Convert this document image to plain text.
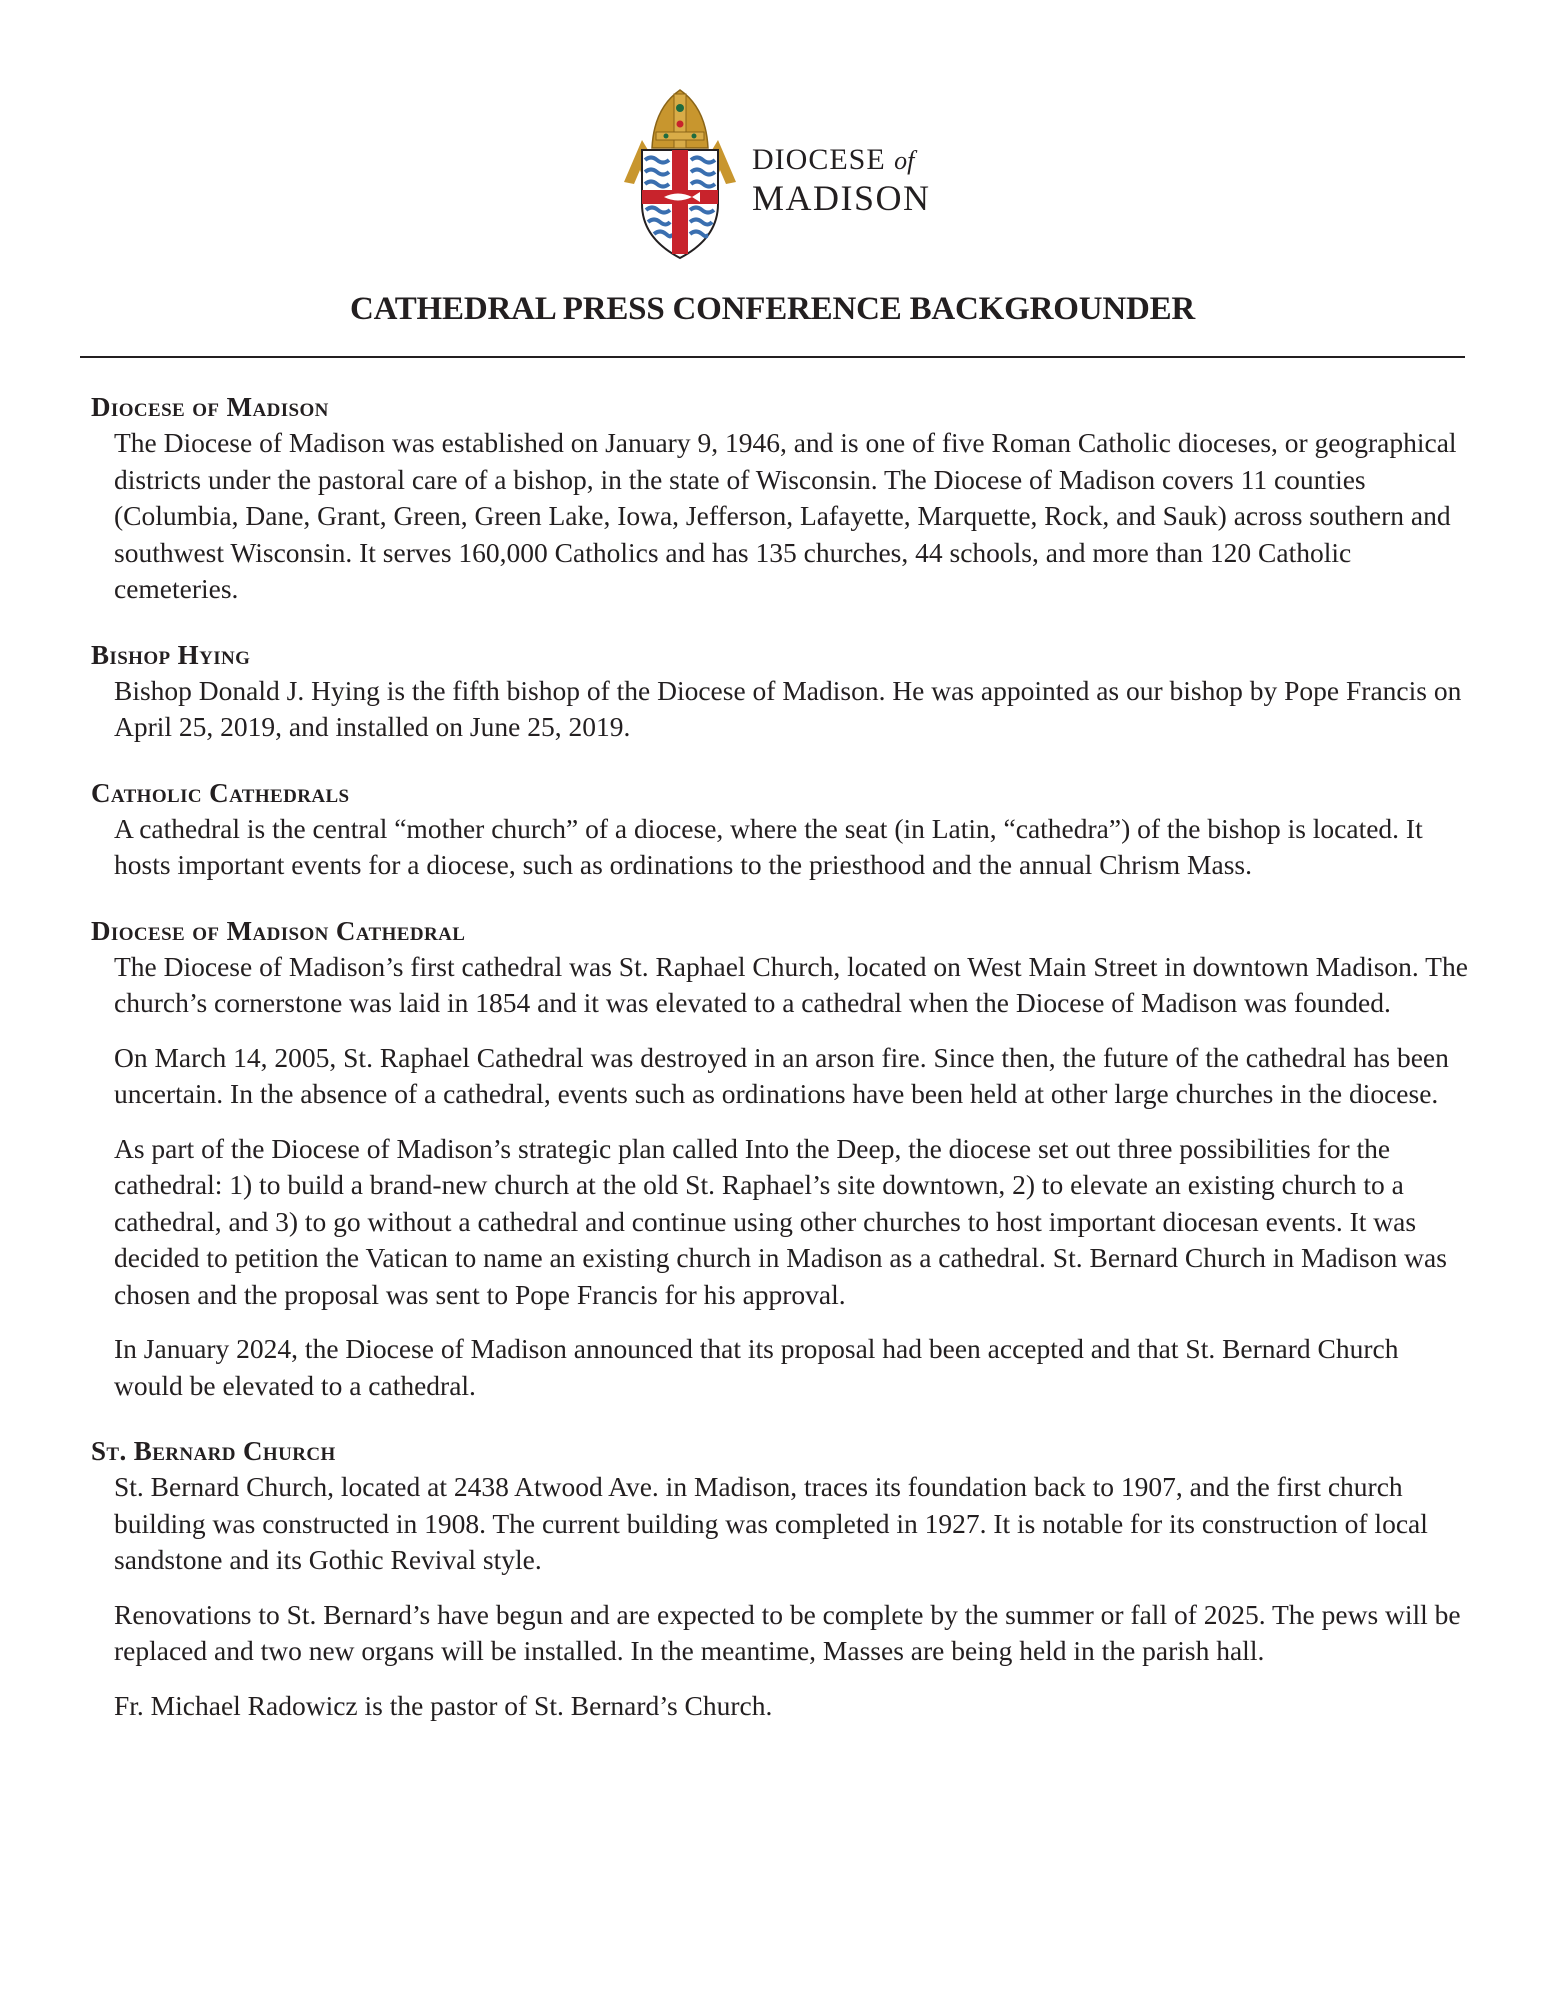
DIOCESE of
MADISON
CATHEDRAL PRESS CONFERENCE BACKGROUNDER
Diocese of Madison

The Diocese of Madison was established on January 9, 1946, and is one of five Roman Catholic dioceses, or geographical districts under the pastoral care of a bishop, in the state of Wisconsin. The Diocese of Madison covers 11 counties (Columbia, Dane, Grant, Green, Green Lake, Iowa, Jefferson, Lafayette, Marquette, Rock, and Sauk) across southern and southwest Wisconsin. It serves 160,000 Catholics and has 135 churches, 44 schools, and more than 120 Catholic cemeteries.

Bishop Hying

Bishop Donald J. Hying is the fifth bishop of the Diocese of Madison. He was appointed as our bishop by Pope Francis on April 25, 2019, and installed on June 25, 2019.

Catholic Cathedrals

A cathedral is the central “mother church” of a diocese, where the seat (in Latin, “cathedra”) of the bishop is located. It hosts important events for a diocese, such as ordinations to the priesthood and the annual Chrism Mass.

Diocese of Madison Cathedral

The Diocese of Madison’s first cathedral was St. Raphael Church, located on West Main Street in downtown Madison. The church’s cornerstone was laid in 1854 and it was elevated to a cathedral when the Diocese of Madison was founded.

On March 14, 2005, St. Raphael Cathedral was destroyed in an arson fire. Since then, the future of the cathedral has been uncertain. In the absence of a cathedral, events such as ordinations have been held at other large churches in the diocese.

As part of the Diocese of Madison’s strategic plan called Into the Deep, the diocese set out three possibilities for the cathedral: 1) to build a brand-new church at the old St. Raphael’s site downtown, 2) to elevate an existing church to a cathedral, and 3) to go without a cathedral and continue using other churches to host important diocesan events. It was decided to petition the Vatican to name an existing church in Madison as a cathedral. St. Bernard Church in Madison was chosen and the proposal was sent to Pope Francis for his approval.

In January 2024, the Diocese of Madison announced that its proposal had been accepted and that St. Bernard Church would be elevated to a cathedral.

St. Bernard Church

St. Bernard Church, located at 2438 Atwood Ave. in Madison, traces its foundation back to 1907, and the first church building was constructed in 1908. The current building was completed in 1927. It is notable for its construction of local sandstone and its Gothic Revival style.

Renovations to St. Bernard’s have begun and are expected to be complete by the summer or fall of 2025. The pews will be replaced and two new organs will be installed. In the meantime, Masses are being held in the parish hall.

Fr. Michael Radowicz is the pastor of St. Bernard’s Church.
